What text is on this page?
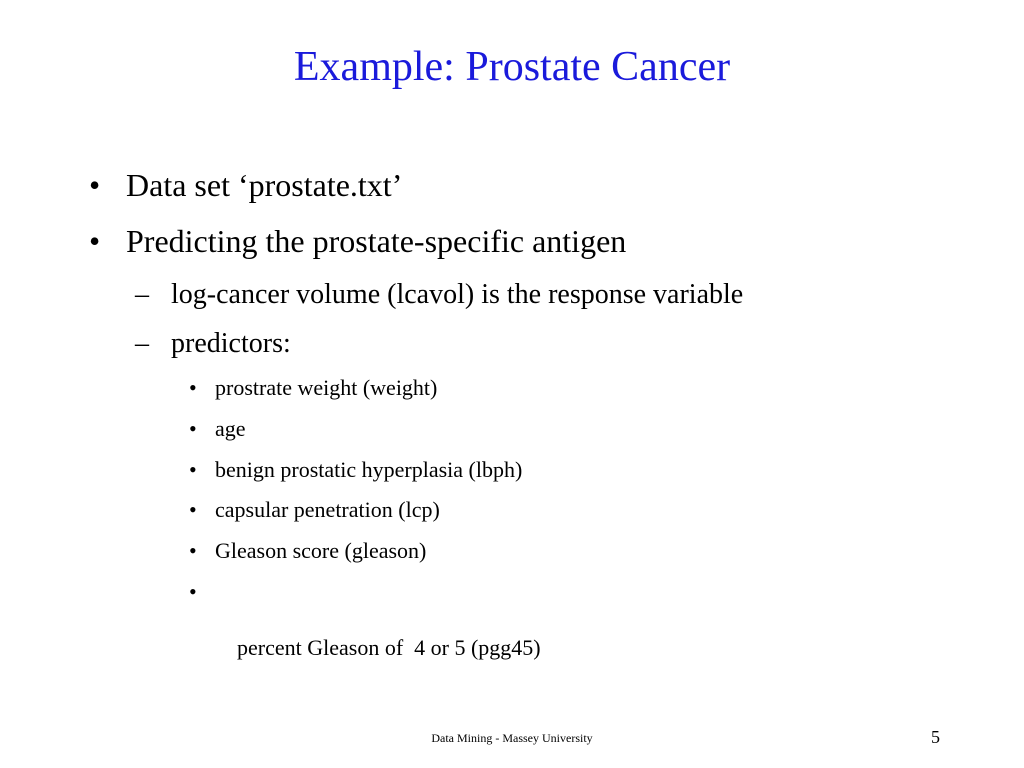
Example: Prostate Cancer
• Data set ‘prostate.txt’
• Predicting the prostate-specific antigen
– log-cancer volume (lcavol) is the response variable
– predictors:
• prostrate weight (weight)
• age
• benign prostatic hyperplasia (lbph)
• capsular penetration (lcp)
• Gleason score (gleason)

•

percent Gleason of  4 or 5 (pgg45)

Data Mining - Massey University	5
